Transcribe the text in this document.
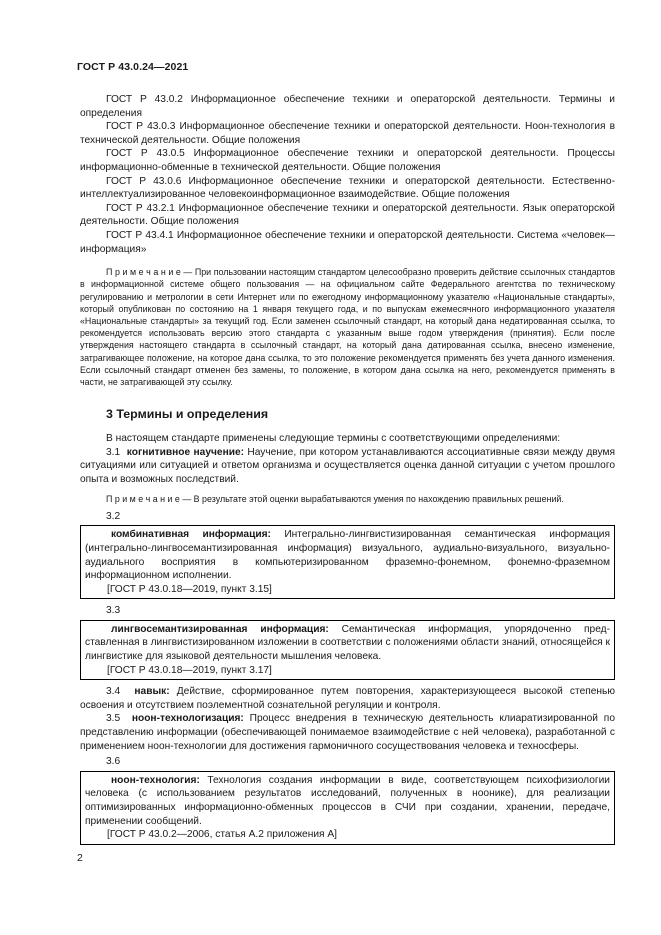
ГОСТ Р 43.0.24—2021

ГОСТ Р 43.0.2 Информационное обеспечение техники и операторской деятельности. Термины и определения

ГОСТ Р 43.0.3 Информационное обеспечение техники и операторской деятельности. Ноон-технология в технической деятельности. Общие положения

ГОСТ Р 43.0.5 Информационное обеспечение техники и операторской деятельности. Процессы информационно-обменные в технической деятельности. Общие положения

ГОСТ Р 43.0.6 Информационное обеспечение техники и операторской деятельности. Естественно-интеллектуализированное человекоинформационное взаимодействие. Общие положения

ГОСТ Р 43.2.1 Информационное обеспечение техники и операторской деятельности. Язык операторской деятельности. Общие положения

ГОСТ Р 43.4.1 Информационное обеспечение техники и операторской деятельности. Система «человек—информация»

П р и м е ч а н и е — При пользовании настоящим стандартом целесообразно проверить действие ссылочных стандартов в информационной системе общего пользования — на официальном сайте Федерального агентства по техническому регулированию и метрологии в сети Интернет или по ежегодному информационному указателю «Национальные стандарты», который опубликован по состоянию на 1 января текущего года, и по выпускам ежемесячного информационного указателя «Национальные стандарты» за текущий год. Если заменен ссылочный стандарт, на который дана недатированная ссылка, то рекомендуется использовать версию этого стандарта с указанным выше годом утверждения (принятия). Если после утверждения настоящего стандарта в ссылочный стандарт, на который дана датированная ссылка, внесено изменение, затрагивающее положение, на которое дана ссылка, то это положение рекомендуется применять без учета данного изменения. Если ссылочный стандарт отменен без замены, то положение, в котором дана ссылка на него, рекомендуется применять в части, не затрагивающей эту ссылку.

3 Термины и определения

В настоящем стандарте применены следующие термины с соответствующими определениями:

3.1 когнитивное научение: Научение, при котором устанавливаются ассоциативные связи между двумя ситуациями или ситуацией и ответом организма и осуществляется оценка данной ситуации с учетом прошлого опыта и возможных последствий.

П р и м е ч а н и е — В результате этой оценки вырабатываются умения по нахождению правильных решений.

3.2

комбинативная информация: Интегрально-лингвистизированная семантическая информация (интегрально-лингвосемантизированная информация) визуального, аудиально-визуального, визуально-аудиального восприятия в компьютеризированном фраземно-фонемном, фонемно-фраземном информационном исполнении.

[ГОСТ Р 43.0.18—2019, пункт 3.15]
3.3

лингвосемантизированная информация: Семантическая информация, упорядоченно представленная в лингвистизированном изложении в соответствии с положениями области знаний, относящейся к лингвистике для языковой деятельности мышления человека.

[ГОСТ Р 43.0.18—2019, пункт 3.17]

3.4 навык: Действие, сформированное путем повторения, характеризующееся высокой степенью освоения и отсутствием поэлементной сознательной регуляции и контроля.

3.5 ноон-технологизация: Процесс внедрения в техническую деятельность клиаратизированной по представлению информации (обеспечивающей понимаемое взаимодействие с ней человека), разработанной с применением ноон-технологии для достижения гармоничного сосуществования человека и техносферы.

3.6

ноон-технология: Технология создания информации в виде, соответствующем психофизиологии человека (с использованием результатов исследований, полученных в ноонике), для реализации оптимизированных информационно-обменных процессов в СЧИ при создании, хранении, передаче, применении сообщений.

[ГОСТ Р 43.0.2—2006, статья А.2 приложения А]
2
